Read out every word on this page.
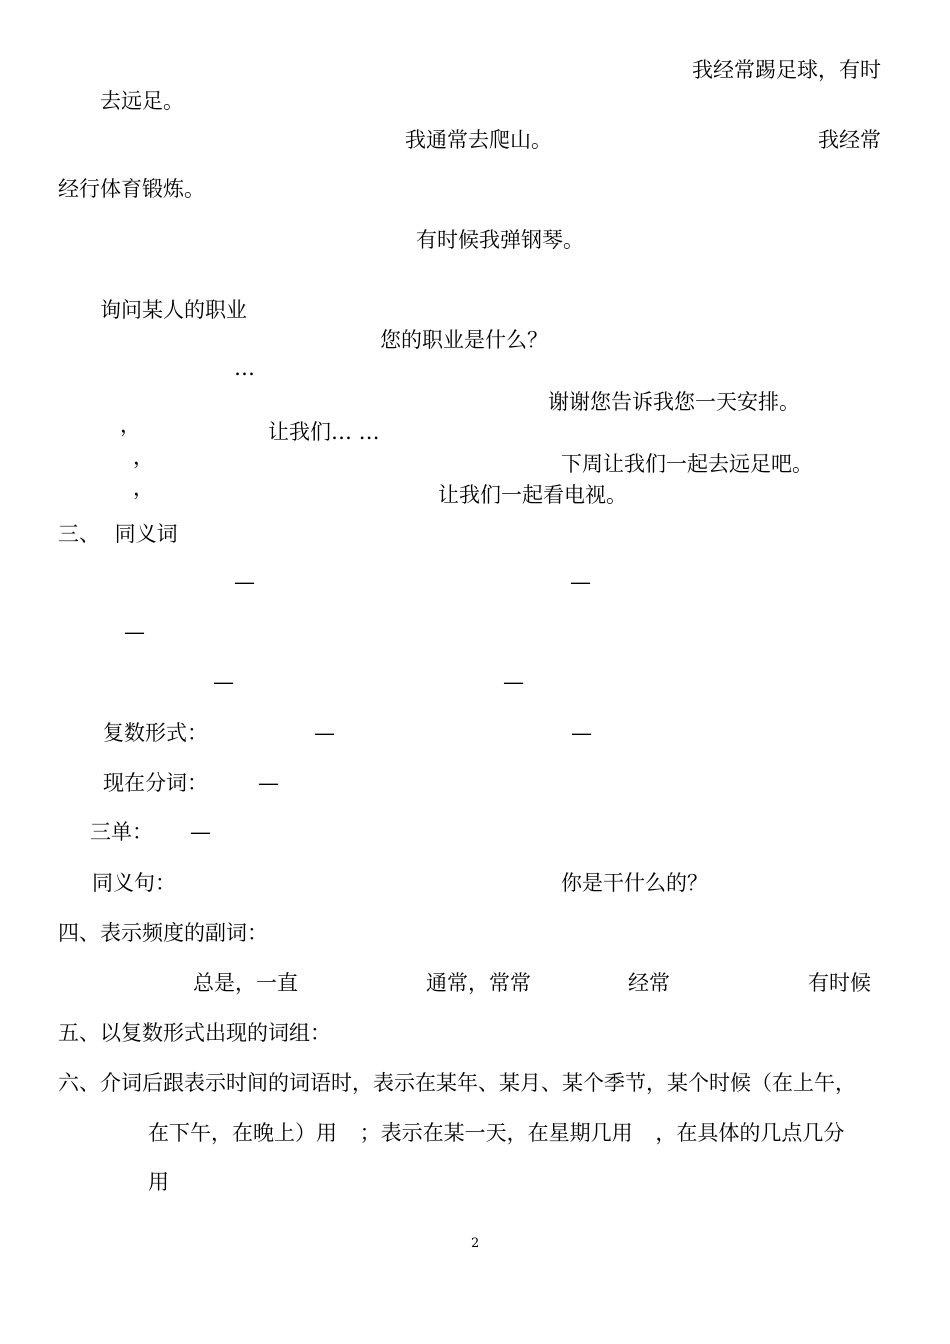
我经常踢足球，有时
去远足。
我通常去爬山。	我经常
经行体育锻炼。
有时候我弹钢琴。
询问某人的职业
您的职业是什么？
…
谢谢您告诉我您一天安排。
，	让我们… …
，	下周让我们一起去远足吧。
，	让我们一起看电视。
三、 同义词
—	—
—
—	—
复数形式：	—	—
现在分词： —
三单： —
同义句：	你是干什么的？
四、表示频度的副词：
总是，一直	通常，常常	经常	有时候
五、以复数形式出现的词组：
六、介词后跟表示时间的词语时，表示在某年、某月、某个季节，某个时候（在上午，
在下午，在晚上）用 ；表示在某一天，在星期几用 ，在具体的几点几分
用
2
